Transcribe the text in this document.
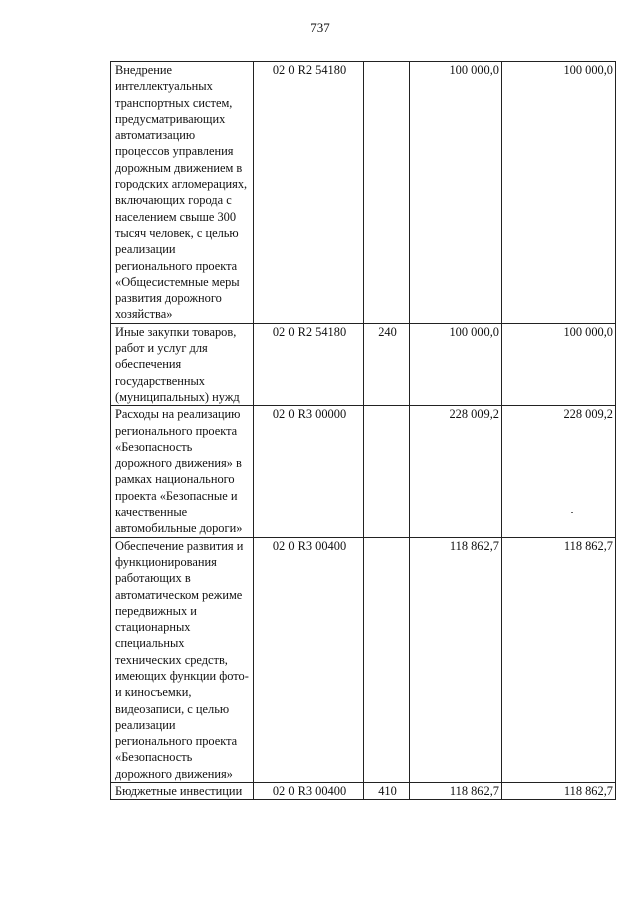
737
Внедрение интеллектуальных транспортных систем, предусматривающих автоматизацию процессов управления дорожным движением в городских агломерациях, включающих города с населением свыше 300 тысяч человек, с целью реализации регионального проекта «Общесистемные меры развития дорожного хозяйства»	02 0 R2 54180		100 000,0	100 000,0
Иные закупки товаров, работ и услуг для обеспечения государственных (муниципальных) нужд	02 0 R2 54180	240	100 000,0	100 000,0
Расходы на реализацию регионального проекта «Безопасность дорожного движения» в рамках национального проекта «Безопасные и качественные автомобильные дороги»	02 0 R3 00000		228 009,2	228 009,2
Обеспечение развития и функционирования работающих в автоматическом режиме передвижных и стационарных специальных технических средств, имеющих функции фото- и киносъемки, видеозаписи, с целью реализации регионального проекта «Безопасность дорожного движения»	02 0 R3 00400		118 862,7	118 862,7
Бюджетные инвестиции	02 0 R3 00400	410	118 862,7	118 862,7
